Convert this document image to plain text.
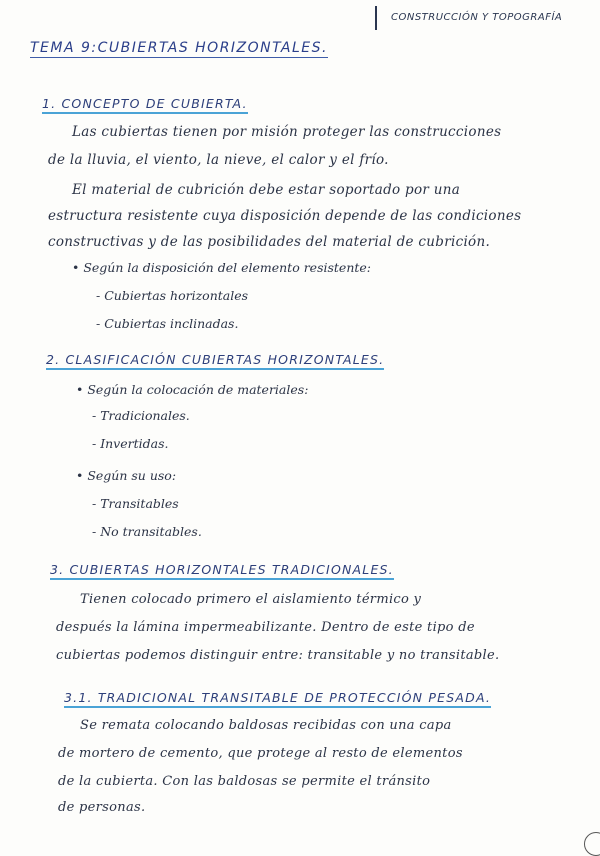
CONSTRUCCIÓN Y TOPOGRAFÍA
TEMA 9:CUBIERTAS HORIZONTALES.
1. CONCEPTO DE CUBIERTA.
Las cubiertas tienen por misión proteger las construcciones
de la lluvia, el viento, la nieve, el calor y el frío.
El material de cubrición debe estar soportado por una
estructura resistente cuya disposición depende de las condiciones
constructivas y de las posibilidades del material de cubrición.
• Según la disposición del elemento resistente:
- Cubiertas horizontales
- Cubiertas inclinadas.
2. CLASIFICACIÓN CUBIERTAS HORIZONTALES.
• Según la colocación de materiales:
- Tradicionales.
- Invertidas.
• Según su uso:
- Transitables
- No transitables.
3. CUBIERTAS HORIZONTALES TRADICIONALES.
Tienen colocado primero el aislamiento térmico y
después la lámina impermeabilizante. Dentro de este tipo de
cubiertas podemos distinguir entre: transitable y no transitable.
3.1. TRADICIONAL TRANSITABLE DE PROTECCIÓN PESADA.
Se remata colocando baldosas recibidas con una capa
de mortero de cemento, que protege al resto de elementos
de la cubierta. Con las baldosas se permite el tránsito
de personas.
